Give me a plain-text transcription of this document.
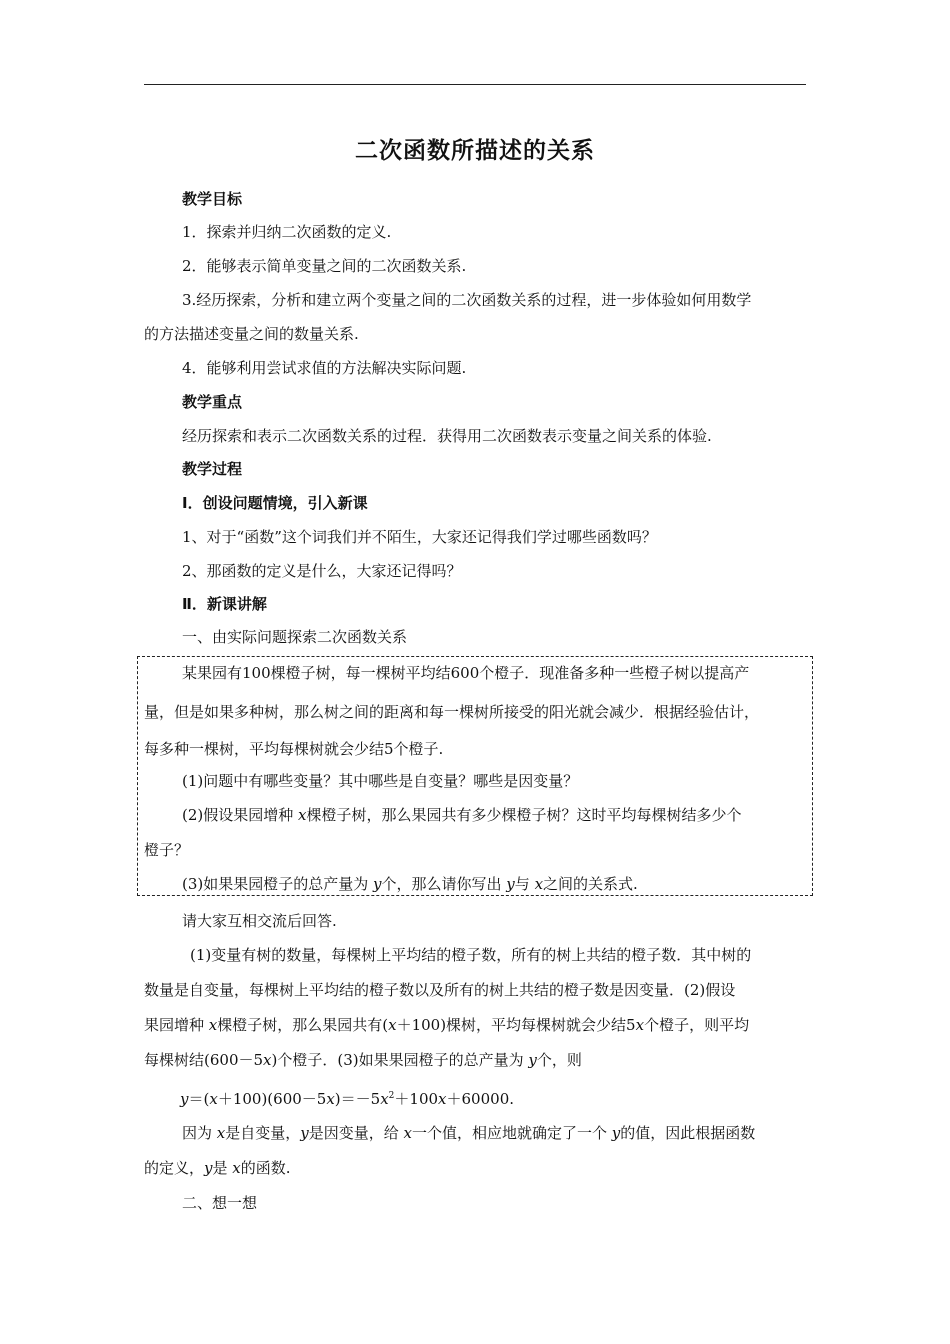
二次函数所描述的关系
教学目标
1．探索并归纳二次函数的定义.
2．能够表示简单变量之间的二次函数关系.
3.经历探索，分析和建立两个变量之间的二次函数关系的过程，进一步体验如何用数学
的方法描述变量之间的数量关系.
4．能够利用尝试求值的方法解决实际问题.
教学重点
经历探索和表示二次函数关系的过程．获得用二次函数表示变量之间关系的体验.
教学过程
Ⅰ．创设问题情境，引入新课
1、对于“函数”这个词我们并不陌生，大家还记得我们学过哪些函数吗？
2、那函数的定义是什么，大家还记得吗？
Ⅱ．新课讲解
一、由实际问题探索二次函数关系
某果园有100棵橙子树，每一棵树平均结600个橙子．现准备多种一些橙子树以提高产
量，但是如果多种树，那么树之间的距离和每一棵树所接受的阳光就会减少．根据经验估计，
每多种一棵树，平均每棵树就会少结5个橙子.
(1)问题中有哪些变量？其中哪些是自变量？哪些是因变量？
(2)假设果园增种 x棵橙子树，那么果园共有多少棵橙子树？这时平均每棵树结多少个
橙子？
(3)如果果园橙子的总产量为 y个，那么请你写出 y与 x之间的关系式.
请大家互相交流后回答.
(1)变量有树的数量，每棵树上平均结的橙子数，所有的树上共结的橙子数．其中树的
数量是自变量，每棵树上平均结的橙子数以及所有的树上共结的橙子数是因变量．(2)假设
果园增种 x棵橙子树，那么果园共有(x＋100)棵树，平均每棵树就会少结5x个橙子，则平均
每棵树结(600－5x)个橙子．(3)如果果园橙子的总产量为 y个，则
$y=(x+100)(600-5x)=-5x^2+100x+60000$.
因为 x是自变量，y是因变量，给 x一个值，相应地就确定了一个 y的值，因此根据函数
的定义，y是 x的函数.
二、想一想
